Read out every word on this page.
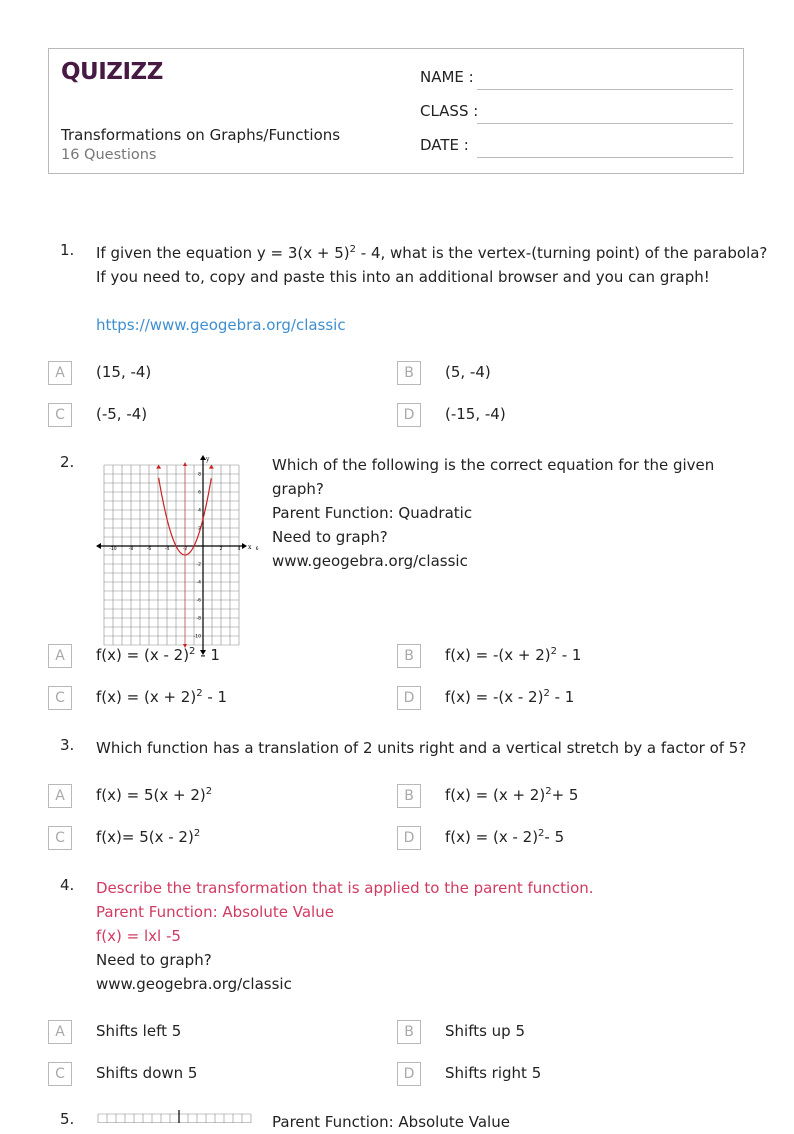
QUIZIZZ
Transformations on Graphs/Functions
16 Questions
NAME :
CLASS :
DATE :
1. If given the equation $y = 3(x + 5)^2 - 4$, what is the vertex-(turning point) of the parabola?
If you need to, copy and paste this into an additional browser and you can graph!
https://www.geogebra.org/classic
A	(15, -4)	B	(5, -4)
C	(-5, -4)	D	(-15, -4)
2.	Which of the following is the correct equation for the given
graph?
Parent Function: Quadratic
Need to graph?
www.geogebra.org/classic
x
y
-10	-8	-6	-4	-2	2	4	6
8
6
4
2
-2
-4
-6
-8
-10
A	f(x) = (x - 2)$^2$ - 1	B	$f(x) = -(x + 2)^2 - 1$
C	$f(x) = (x + 2)^2 - 1$	D	f(x) = -(x - 2)$^2$ - 1
3. Which function has a translation of 2 units right and a vertical stretch by a factor of 5?
A	$f(x) = 5(x + 2)^2$	B	$f(x) = (x + 2)^2+ 5$
C	f(x)= 5(x - 2)$^2$	D	f(x) = (x - 2)$^2$- 5
4. Describe the transformation that is applied to the parent function.
Parent Function: Absolute Value
f(x) = lxl -5
Need to graph?
www.geogebra.org/classic
A	Shifts left 5	B	Shifts up 5
C	Shifts down 5	D	Shifts right 5
5.	Parent Function: Absolute Value
